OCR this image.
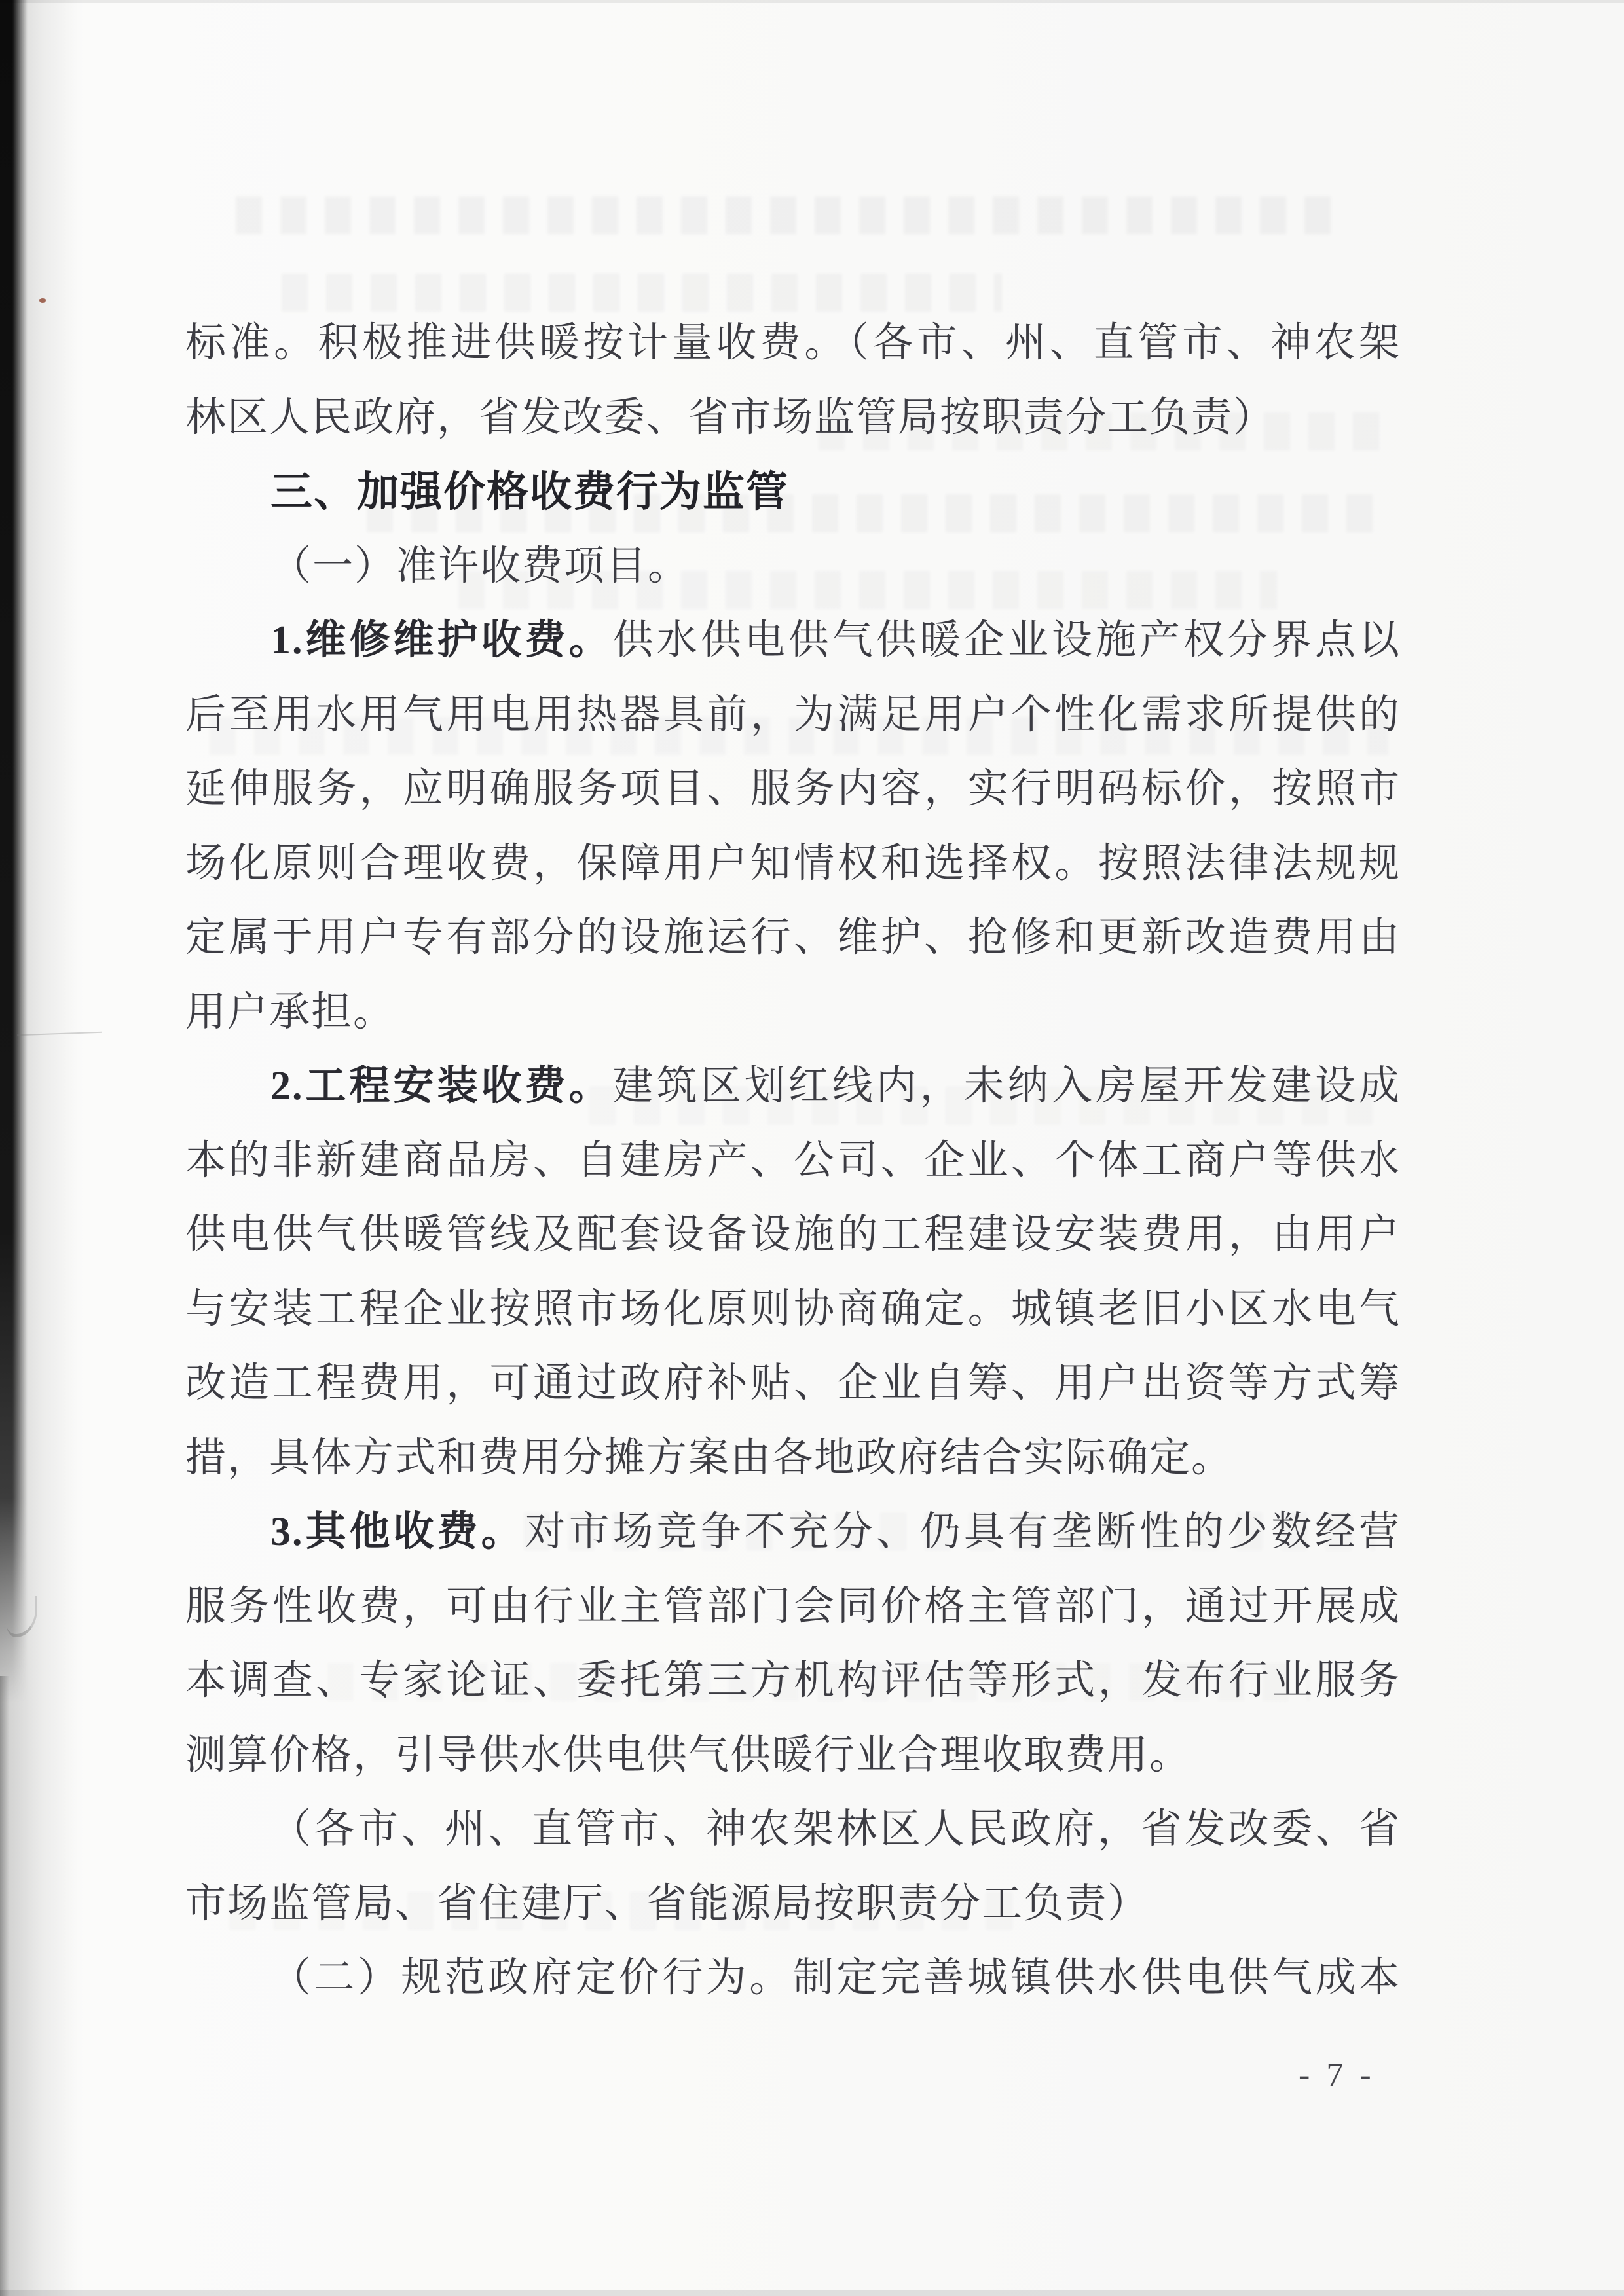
标准。积极推进供暖按计量收费。（各市、州、直管市、神农架
林区人民政府，省发改委、省市场监管局按职责分工负责）
三、加强价格收费行为监管
（一）准许收费项目。
1.维修维护收费。供水供电供气供暖企业设施产权分界点以
后至用水用气用电用热器具前，为满足用户个性化需求所提供的
延伸服务，应明确服务项目、服务内容，实行明码标价，按照市
场化原则合理收费，保障用户知情权和选择权。按照法律法规规
定属于用户专有部分的设施运行、维护、抢修和更新改造费用由
用户承担。
2.工程安装收费。建筑区划红线内，未纳入房屋开发建设成
本的非新建商品房、自建房产、公司、企业、个体工商户等供水
供电供气供暖管线及配套设备设施的工程建设安装费用，由用户
与安装工程企业按照市场化原则协商确定。城镇老旧小区水电气
改造工程费用，可通过政府补贴、企业自筹、用户出资等方式筹
措，具体方式和费用分摊方案由各地政府结合实际确定。
3.其他收费。对市场竞争不充分、仍具有垄断性的少数经营
服务性收费，可由行业主管部门会同价格主管部门，通过开展成
本调查、专家论证、委托第三方机构评估等形式，发布行业服务
测算价格，引导供水供电供气供暖行业合理收取费用。
（各市、州、直管市、神农架林区人民政府，省发改委、省
市场监管局、省住建厅、省能源局按职责分工负责）
（二）规范政府定价行为。制定完善城镇供水供电供气成本
- 7 -
